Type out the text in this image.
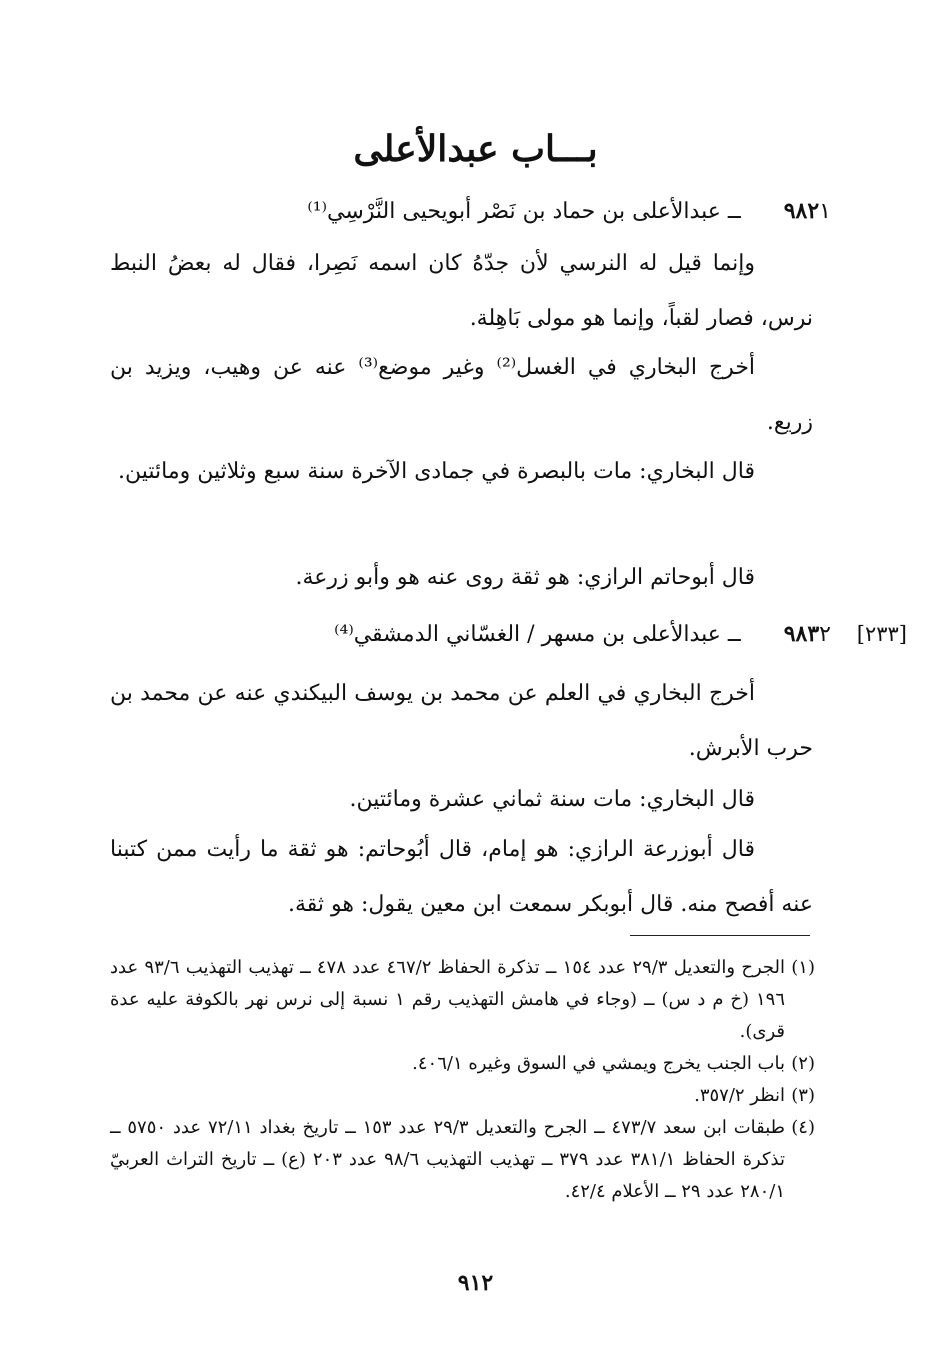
بـــاب عبدالأعلى
٩٨٢١ ــ عبدالأعلى بن حماد بن نَصْر أبويحيى النَّرْسِي⁽¹⁾

وإنما قيل له النرسي لأن جدّهُ كان اسمه نَصِرا، فقال له بعضُ النبط نرس، فصار لقباً، وإنما هو مولى بَاهِلة.

أخرج البخاري في الغسل⁽²⁾ وغير موضع⁽³⁾ عنه عن وهيب، ويزيد بن زريع.

قال البخاري: مات بالبصرة في جمادى الآخرة سنة سبع وثلاثين ومائتين.

قال أبوحاتم الرازي: هو ثقة روى عنه هو وأبو زرعة.

[٢٣٣]
٩٨٣٢ ــ عبدالأعلى بن مسهر / الغسّاني الدمشقي⁽⁴⁾

أخرج البخاري في العلم عن محمد بن يوسف البيكندي عنه عن محمد بن حرب الأبرش.

قال البخاري: مات سنة ثماني عشرة ومائتين.

قال أبوزرعة الرازي: هو إمام، قال أبُوحاتم: هو ثقة ما رأيت ممن كتبنا عنه أفصح منه. قال أبوبكر سمعت ابن معين يقول: هو ثقة.

(١)
الجرح والتعديل ٢٩/٣ عدد ١٥٤ ــ تذكرة الحفاظ ٤٦٧/٢ عدد ٤٧٨ ــ تهذيب التهذيب ٩٣/٦ عدد ١٩٦ (خ م د س) ــ (وجاء في هامش التهذيب رقم ١ نسبة إلى نرس نهر بالكوفة عليه عدة قرى).
(٢)
باب الجنب يخرج ويمشي في السوق وغيره ٤٠٦/١.
(٣)
انظر ٣٥٧/٢.
(٤)
طبقات ابن سعد ٤٧٣/٧ ــ الجرح والتعديل ٢٩/٣ عدد ١٥٣ ــ تاريخ بغداد ٧٢/١١ عدد ٥٧٥٠ ــ تذكرة الحفاظ ٣٨١/١ عدد ٣٧٩ ــ تهذيب التهذيب ٩٨/٦ عدد ٢٠٣ (ع) ــ تاريخ التراث العربيّ ٢٨٠/١ عدد ٢٩ ــ الأعلام ٤٢/٤.
٩١٢
